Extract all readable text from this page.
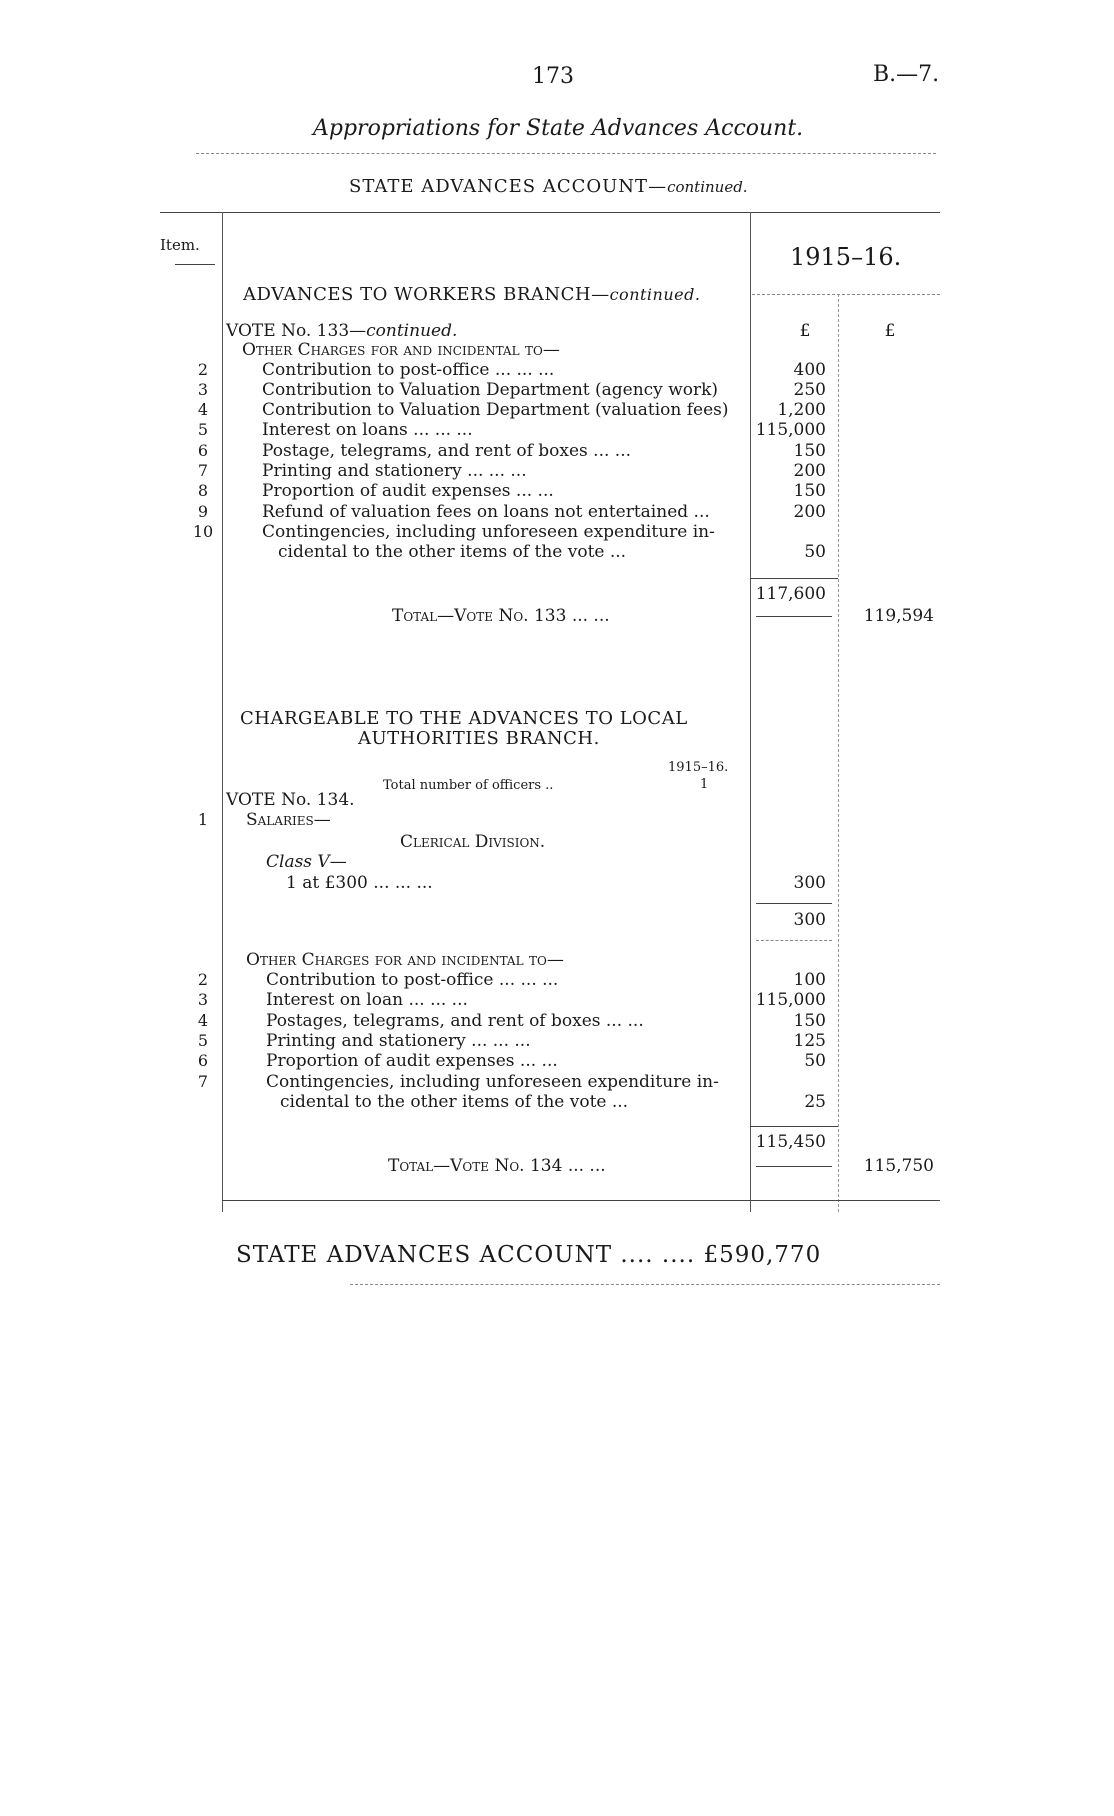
173	B.—7.
Appropriations for State Advances Account.
STATE ADVANCES ACCOUNT—continued.
Item.	1915–16.
ADVANCES TO WORKERS BRANCH—continued.
VOTE No. 133—continued.	£	£
Other Charges for and incidental to—
2	Contribution to post-office ... ... ...	400
3	Contribution to Valuation Department (agency work)	250
4	Contribution to Valuation Department (valuation fees)	1,200
5	Interest on loans ... ... ...	115,000
6	Postage, telegrams, and rent of boxes ... ...	150
7	Printing and stationery ... ... ...	200
8	Proportion of audit expenses ... ...	150
9	Refund of valuation fees on loans not entertained ...	200
10	Contingencies, including unforeseen expenditure in-
cidental to the other items of the vote ...	50
117,600
Total—Vote No. 133 ... ...	119,594
CHARGEABLE TO THE ADVANCES TO LOCAL
AUTHORITIES BRANCH.
1915–16.
Total number of officers ..	1
VOTE No. 134.
1	Salaries—
Clerical Division.
Class V—
1 at £300 ... ... ...	300
300
Other Charges for and incidental to—
2	Contribution to post-office ... ... ...	100
3	Interest on loan ... ... ...	115,000
4	Postages, telegrams, and rent of boxes ... ...	150
5	Printing and stationery ... ... ...	125
6	Proportion of audit expenses ... ...	50
7	Contingencies, including unforeseen expenditure in-
cidental to the other items of the vote ...	25
115,450
Total—Vote No. 134 ... ...	115,750
STATE ADVANCES ACCOUNT .... .... £590,770
